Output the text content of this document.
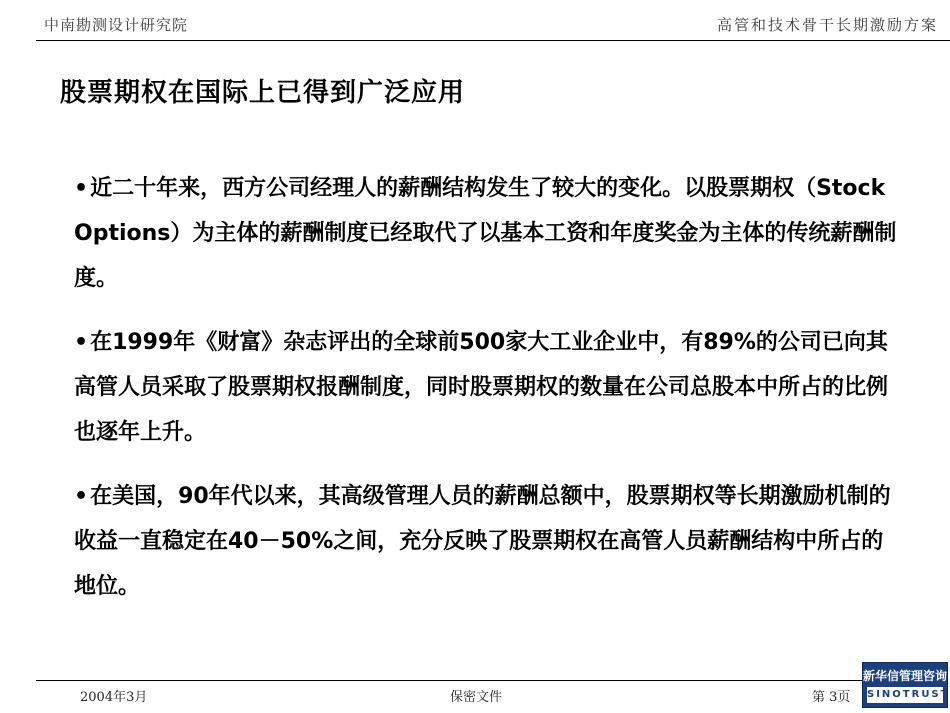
中南勘测设计研究院	高管和技术骨干长期激励方案
股票期权在国际上已得到广泛应用

•近二十年来，西方公司经理人的薪酬结构发生了较大的变化。以股票期权（Stock Options）为主体的薪酬制度已经取代了以基本工资和年度奖金为主体的传统薪酬制度。

•在1999年《财富》杂志评出的全球前500家大工业企业中，有89%的公司已向其高管人员采取了股票期权报酬制度，同时股票期权的数量在公司总股本中所占的比例也逐年上升。

•在美国，90年代以来，其高级管理人员的薪酬总额中，股票期权等长期激励机制的收益一直稳定在40－50%之间，充分反映了股票期权在高管人员薪酬结构中所占的地位。

2004年3月	保密文件	第 3页
新华信管理咨询
SINOTRUST
